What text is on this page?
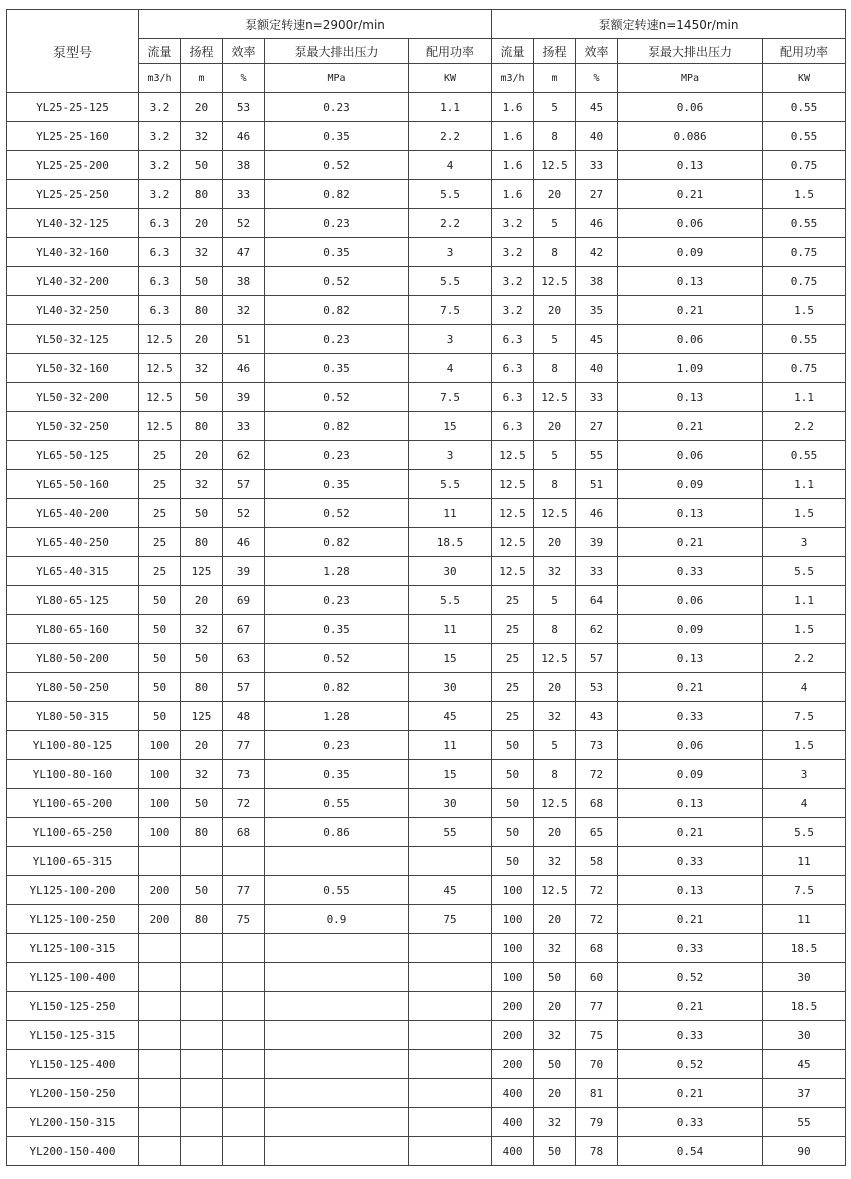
泵型号	泵额定转速n=2900r/min					泵额定转速n=1450r/min				
	流量	扬程	效率	泵最大排出压力	配用功率	流量	扬程	效率	泵最大排出压力	配用功率
	m3/h	m	%	MPa	KW	m3/h	m	%	MPa	KW
YL25-25-125	3.2	20	53	0.23	1.1	1.6	5	45	0.06	0.55
YL25-25-160	3.2	32	46	0.35	2.2	1.6	8	40	0.086	0.55
YL25-25-200	3.2	50	38	0.52	4	1.6	12.5	33	0.13	0.75
YL25-25-250	3.2	80	33	0.82	5.5	1.6	20	27	0.21	1.5
YL40-32-125	6.3	20	52	0.23	2.2	3.2	5	46	0.06	0.55
YL40-32-160	6.3	32	47	0.35	3	3.2	8	42	0.09	0.75
YL40-32-200	6.3	50	38	0.52	5.5	3.2	12.5	38	0.13	0.75
YL40-32-250	6.3	80	32	0.82	7.5	3.2	20	35	0.21	1.5
YL50-32-125	12.5	20	51	0.23	3	6.3	5	45	0.06	0.55
YL50-32-160	12.5	32	46	0.35	4	6.3	8	40	1.09	0.75
YL50-32-200	12.5	50	39	0.52	7.5	6.3	12.5	33	0.13	1.1
YL50-32-250	12.5	80	33	0.82	15	6.3	20	27	0.21	2.2
YL65-50-125	25	20	62	0.23	3	12.5	5	55	0.06	0.55
YL65-50-160	25	32	57	0.35	5.5	12.5	8	51	0.09	1.1
YL65-40-200	25	50	52	0.52	11	12.5	12.5	46	0.13	1.5
YL65-40-250	25	80	46	0.82	18.5	12.5	20	39	0.21	3
YL65-40-315	25	125	39	1.28	30	12.5	32	33	0.33	5.5
YL80-65-125	50	20	69	0.23	5.5	25	5	64	0.06	1.1
YL80-65-160	50	32	67	0.35	11	25	8	62	0.09	1.5
YL80-50-200	50	50	63	0.52	15	25	12.5	57	0.13	2.2
YL80-50-250	50	80	57	0.82	30	25	20	53	0.21	4
YL80-50-315	50	125	48	1.28	45	25	32	43	0.33	7.5
YL100-80-125	100	20	77	0.23	11	50	5	73	0.06	1.5
YL100-80-160	100	32	73	0.35	15	50	8	72	0.09	3
YL100-65-200	100	50	72	0.55	30	50	12.5	68	0.13	4
YL100-65-250	100	80	68	0.86	55	50	20	65	0.21	5.5
YL100-65-315						50	32	58	0.33	11
YL125-100-200	200	50	77	0.55	45	100	12.5	72	0.13	7.5
YL125-100-250	200	80	75	0.9	75	100	20	72	0.21	11
YL125-100-315						100	32	68	0.33	18.5
YL125-100-400						100	50	60	0.52	30
YL150-125-250						200	20	77	0.21	18.5
YL150-125-315						200	32	75	0.33	30
YL150-125-400						200	50	70	0.52	45
YL200-150-250						400	20	81	0.21	37
YL200-150-315						400	32	79	0.33	55
YL200-150-400						400	50	78	0.54	90
